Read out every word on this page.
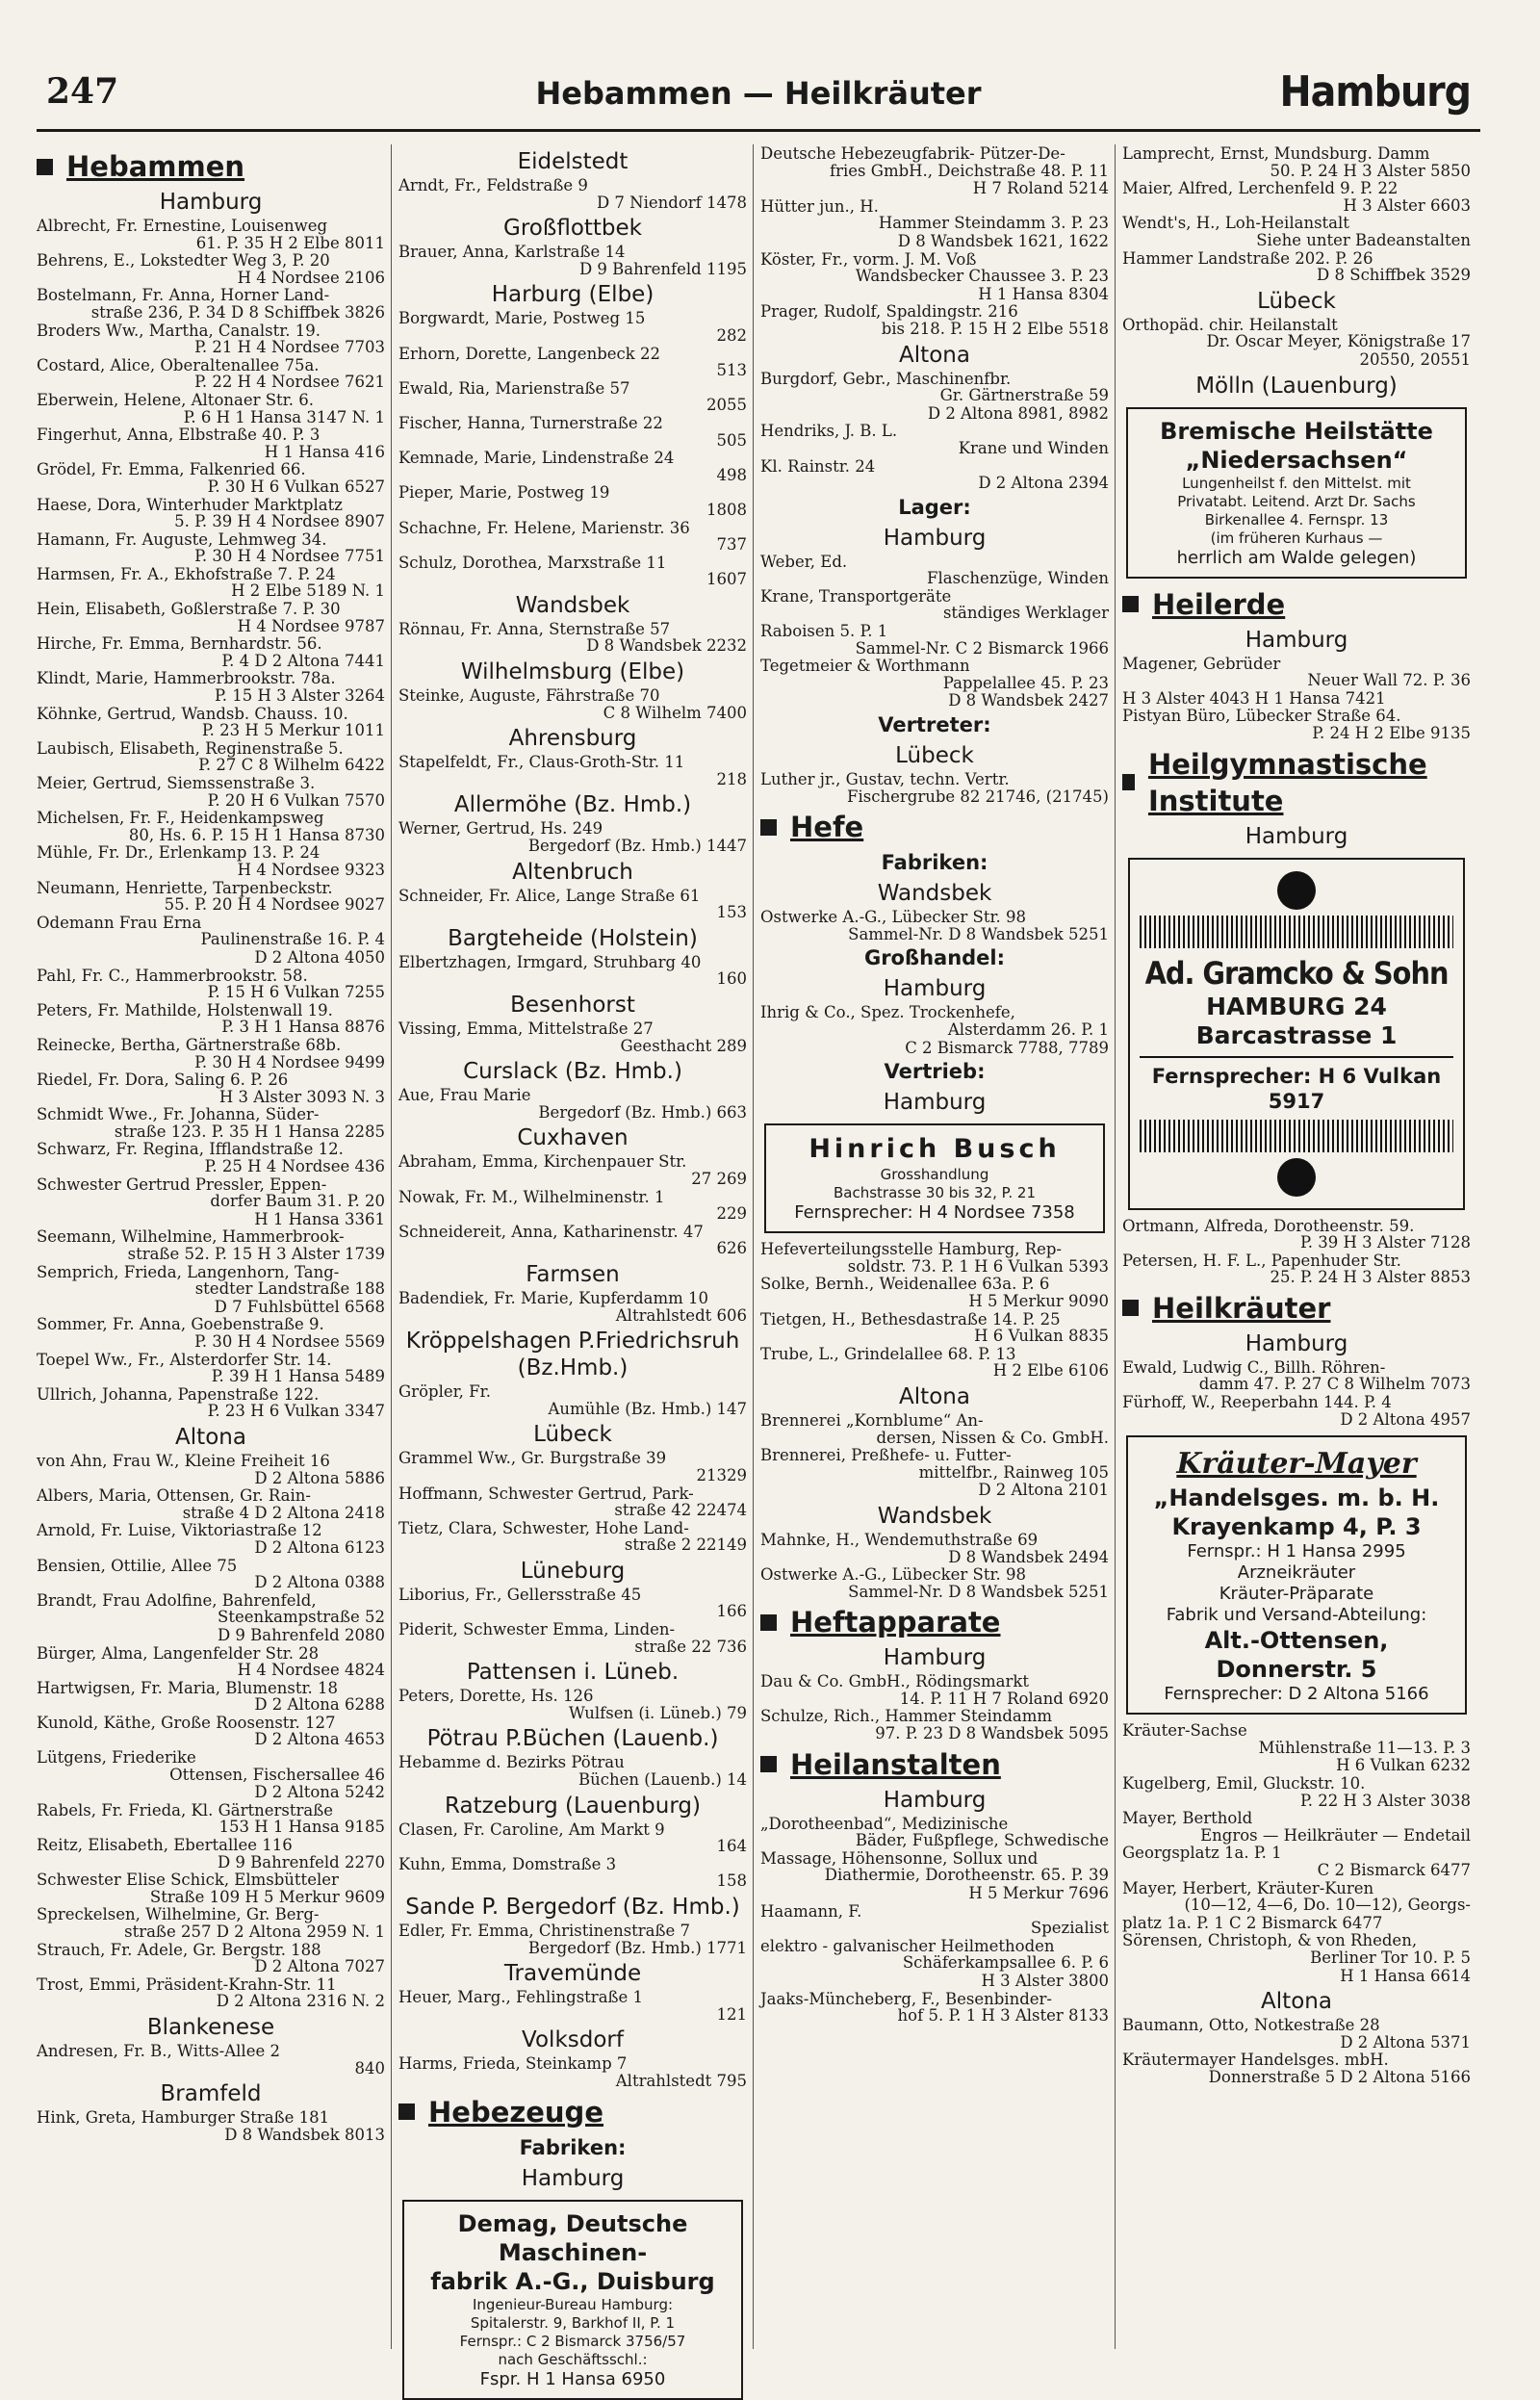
247	Hebammen — Heilkräuter	Hamburg
Hebammen
Hamburg
Albrecht, Fr. Ernestine, Louisenweg
61. P. 35 H 2 Elbe 8011
Behrens, E., Lokstedter Weg 3, P. 20
H 4 Nordsee 2106
Bostelmann, Fr. Anna, Horner Land-
straße 236, P. 34 D 8 Schiffbek 3826
Broders Ww., Martha, Canalstr. 19.
P. 21 H 4 Nordsee 7703
Costard, Alice, Oberaltenallee 75a.
P. 22 H 4 Nordsee 7621
Eberwein, Helene, Altonaer Str. 6.
P. 6 H 1 Hansa 3147 N. 1
Fingerhut, Anna, Elbstraße 40. P. 3
H 1 Hansa 416
Grödel, Fr. Emma, Falkenried 66.
P. 30 H 6 Vulkan 6527
Haese, Dora, Winterhuder Marktplatz
5. P. 39 H 4 Nordsee 8907
Hamann, Fr. Auguste, Lehmweg 34.
P. 30 H 4 Nordsee 7751
Harmsen, Fr. A., Ekhofstraße 7. P. 24
H 2 Elbe 5189 N. 1
Hein, Elisabeth, Goßlerstraße 7. P. 30
H 4 Nordsee 9787
Hirche, Fr. Emma, Bernhardstr. 56.
P. 4 D 2 Altona 7441
Klindt, Marie, Hammerbrookstr. 78a.
P. 15 H 3 Alster 3264
Köhnke, Gertrud, Wandsb. Chauss. 10.
P. 23 H 5 Merkur 1011
Laubisch, Elisabeth, Reginenstraße 5.
P. 27 C 8 Wilhelm 6422
Meier, Gertrud, Siemssenstraße 3.
P. 20 H 6 Vulkan 7570
Michelsen, Fr. F., Heidenkampsweg
80, Hs. 6. P. 15 H 1 Hansa 8730
Mühle, Fr. Dr., Erlenkamp 13. P. 24
H 4 Nordsee 9323
Neumann, Henriette, Tarpenbeckstr.
55. P. 20 H 4 Nordsee 9027
Odemann Frau Erna
Paulinenstraße 16. P. 4
D 2 Altona 4050
Pahl, Fr. C., Hammerbrookstr. 58.
P. 15 H 6 Vulkan 7255
Peters, Fr. Mathilde, Holstenwall 19.
P. 3 H 1 Hansa 8876
Reinecke, Bertha, Gärtnerstraße 68b.
P. 30 H 4 Nordsee 9499
Riedel, Fr. Dora, Saling 6. P. 26
H 3 Alster 3093 N. 3
Schmidt Wwe., Fr. Johanna, Süder-
straße 123. P. 35 H 1 Hansa 2285
Schwarz, Fr. Regina, Ifflandstraße 12.
P. 25 H 4 Nordsee 436
Schwester Gertrud Pressler, Eppen-
dorfer Baum 31. P. 20
H 1 Hansa 3361
Seemann, Wilhelmine, Hammerbrook-
straße 52. P. 15 H 3 Alster 1739
Semprich, Frieda, Langenhorn, Tang-
stedter Landstraße 188
D 7 Fuhlsbüttel 6568
Sommer, Fr. Anna, Goebenstraße 9.
P. 30 H 4 Nordsee 5569
Toepel Ww., Fr., Alsterdorfer Str. 14.
P. 39 H 1 Hansa 5489
Ullrich, Johanna, Papenstraße 122.
P. 23 H 6 Vulkan 3347
Altona
von Ahn, Frau W., Kleine Freiheit 16
D 2 Altona 5886
Albers, Maria, Ottensen, Gr. Rain-
straße 4 D 2 Altona 2418
Arnold, Fr. Luise, Viktoriastraße 12
D 2 Altona 6123
Bensien, Ottilie, Allee 75
D 2 Altona 0388
Brandt, Frau Adolfine, Bahrenfeld,
Steenkampstraße 52
D 9 Bahrenfeld 2080
Bürger, Alma, Langenfelder Str. 28
H 4 Nordsee 4824
Hartwigsen, Fr. Maria, Blumenstr. 18
D 2 Altona 6288
Kunold, Käthe, Große Roosenstr. 127
D 2 Altona 4653
Lütgens, Friederike
Ottensen, Fischersallee 46
D 2 Altona 5242
Rabels, Fr. Frieda, Kl. Gärtnerstraße
153 H 1 Hansa 9185
Reitz, Elisabeth, Ebertallee 116
D 9 Bahrenfeld 2270
Schwester Elise Schick, Elmsbütteler
Straße 109 H 5 Merkur 9609
Spreckelsen, Wilhelmine, Gr. Berg-
straße 257 D 2 Altona 2959 N. 1
Strauch, Fr. Adele, Gr. Bergstr. 188
D 2 Altona 7027
Trost, Emmi, Präsident-Krahn-Str. 11
D 2 Altona 2316 N. 2
Blankenese
Andresen, Fr. B., Witts-Allee 2
840
Bramfeld
Hink, Greta, Hamburger Straße 181
D 8 Wandsbek 8013
Eidelstedt
Arndt, Fr., Feldstraße 9
D 7 Niendorf 1478
Großflottbek
Brauer, Anna, Karlstraße 14
D 9 Bahrenfeld 1195
Harburg (Elbe)
Borgwardt, Marie, Postweg 15
282
Erhorn, Dorette, Langenbeck 22
513
Ewald, Ria, Marienstraße 57
2055
Fischer, Hanna, Turnerstraße 22
505
Kemnade, Marie, Lindenstraße 24
498
Pieper, Marie, Postweg 19
1808
Schachne, Fr. Helene, Marienstr. 36
737
Schulz, Dorothea, Marxstraße 11
1607
Wandsbek
Rönnau, Fr. Anna, Sternstraße 57
D 8 Wandsbek 2232
Wilhelmsburg (Elbe)
Steinke, Auguste, Fährstraße 70
C 8 Wilhelm 7400
Ahrensburg
Stapelfeldt, Fr., Claus-Groth-Str. 11
218
Allermöhe (Bz. Hmb.)
Werner, Gertrud, Hs. 249
Bergedorf (Bz. Hmb.) 1447
Altenbruch
Schneider, Fr. Alice, Lange Straße 61
153
Bargteheide (Holstein)
Elbertzhagen, Irmgard, Struhbarg 40
160
Besenhorst
Vissing, Emma, Mittelstraße 27
Geesthacht 289
Curslack (Bz. Hmb.)
Aue, Frau Marie
Bergedorf (Bz. Hmb.) 663
Cuxhaven
Abraham, Emma, Kirchenpauer Str.
27 269
Nowak, Fr. M., Wilhelminenstr. 1
229
Schneidereit, Anna, Katharinenstr. 47
626
Farmsen
Badendiek, Fr. Marie, Kupferdamm 10
Altrahlstedt 606
Kröppelshagen P.Friedrichsruh (Bz.Hmb.)
Gröpler, Fr.
Aumühle (Bz. Hmb.) 147
Lübeck
Grammel Ww., Gr. Burgstraße 39
21329
Hoffmann, Schwester Gertrud, Park-
straße 42 22474
Tietz, Clara, Schwester, Hohe Land-
straße 2 22149
Lüneburg
Liborius, Fr., Gellersstraße 45
166
Piderit, Schwester Emma, Linden-
straße 22 736
Pattensen i. Lüneb.
Peters, Dorette, Hs. 126
Wulfsen (i. Lüneb.) 79
Pötrau P.Büchen (Lauenb.)
Hebamme d. Bezirks Pötrau
Büchen (Lauenb.) 14
Ratzeburg (Lauenburg)
Clasen, Fr. Caroline, Am Markt 9
164
Kuhn, Emma, Domstraße 3
158
Sande P. Bergedorf (Bz. Hmb.)
Edler, Fr. Emma, Christinenstraße 7
Bergedorf (Bz. Hmb.) 1771
Travemünde
Heuer, Marg., Fehlingstraße 1
121
Volksdorf
Harms, Frieda, Steinkamp 7
Altrahlstedt 795
Hebezeuge
Fabriken:
Hamburg
Demag, Deutsche Maschinen-
fabrik A.-G., Duisburg
Ingenieur-Bureau Hamburg:
Spitalerstr. 9, Barkhof II, P. 1
Fernspr.: C 2 Bismarck 3756/57
nach Geschäftsschl.:
Fspr. H 1 Hansa 6950
Deutsche Hebezeugfabrik- Pützer-De-
fries GmbH., Deichstraße 48. P. 11
H 7 Roland 5214
Hütter jun., H.
Hammer Steindamm 3. P. 23
D 8 Wandsbek 1621, 1622
Köster, Fr., vorm. J. M. Voß
Wandsbecker Chaussee 3. P. 23
H 1 Hansa 8304
Prager, Rudolf, Spaldingstr. 216
bis 218. P. 15 H 2 Elbe 5518
Altona
Burgdorf, Gebr., Maschinenfbr.
Gr. Gärtnerstraße 59
D 2 Altona 8981, 8982
Hendriks, J. B. L.
Krane und Winden
Kl. Rainstr. 24
D 2 Altona 2394
Lager:
Hamburg
Weber, Ed.
Flaschenzüge, Winden
Krane, Transportgeräte
ständiges Werklager
Raboisen 5. P. 1
Sammel-Nr. C 2 Bismarck 1966
Tegetmeier & Worthmann
Pappelallee 45. P. 23
D 8 Wandsbek 2427
Vertreter:
Lübeck
Luther jr., Gustav, techn. Vertr.
Fischergrube 82 21746, (21745)
Hefe
Fabriken:
Wandsbek
Ostwerke A.-G., Lübecker Str. 98
Sammel-Nr. D 8 Wandsbek 5251
Großhandel:
Hamburg
Ihrig & Co., Spez. Trockenhefe,
Alsterdamm 26. P. 1
C 2 Bismarck 7788, 7789
Vertrieb:
Hamburg
Hinrich Busch
Grosshandlung
Bachstrasse 30 bis 32, P. 21
Fernsprecher: H 4 Nordsee 7358
Hefeverteilungsstelle Hamburg, Rep-
soldstr. 73. P. 1 H 6 Vulkan 5393
Solke, Bernh., Weidenallee 63a. P. 6
H 5 Merkur 9090
Tietgen, H., Bethesdastraße 14. P. 25
H 6 Vulkan 8835
Trube, L., Grindelallee 68. P. 13
H 2 Elbe 6106
Altona
Brennerei „Kornblume“ An-
dersen, Nissen & Co. GmbH.
Brennerei, Preßhefe- u. Futter-
mittelfbr., Rainweg 105
D 2 Altona 2101
Wandsbek
Mahnke, H., Wendemuthstraße 69
D 8 Wandsbek 2494
Ostwerke A.-G., Lübecker Str. 98
Sammel-Nr. D 8 Wandsbek 5251
Heftapparate
Hamburg
Dau & Co. GmbH., Rödingsmarkt
14. P. 11 H 7 Roland 6920
Schulze, Rich., Hammer Steindamm
97. P. 23 D 8 Wandsbek 5095
Heilanstalten
Hamburg
„Dorotheenbad“, Medizinische
Bäder, Fußpflege, Schwedische
Massage, Höhensonne, Sollux und
Diathermie, Dorotheenstr. 65. P. 39
H 5 Merkur 7696
Haamann, F.
Spezialist
elektro - galvanischer Heilmethoden
Schäferkampsallee 6. P. 6
H 3 Alster 3800
Jaaks-Müncheberg, F., Besenbinder-
hof 5. P. 1 H 3 Alster 8133
Lamprecht, Ernst, Mundsburg. Damm
50. P. 24 H 3 Alster 5850
Maier, Alfred, Lerchenfeld 9. P. 22
H 3 Alster 6603
Wendt's, H., Loh-Heilanstalt
Siehe unter Badeanstalten
Hammer Landstraße 202. P. 26
D 8 Schiffbek 3529
Lübeck
Orthopäd. chir. Heilanstalt
Dr. Oscar Meyer, Königstraße 17
20550, 20551
Mölln (Lauenburg)
Bremische Heilstätte
„Niedersachsen“
Lungenheilst f. den Mittelst. mit
Privatabt. Leitend. Arzt Dr. Sachs
Birkenallee 4. Fernspr. 13
(im früheren Kurhaus —
herrlich am Walde gelegen)
Heilerde
Hamburg
Magener, Gebrüder
Neuer Wall 72. P. 36
H 3 Alster 4043 H 1 Hansa 7421
Pistyan Büro, Lübecker Straße 64.
P. 24 H 2 Elbe 9135
Heilgymnastische Institute
Hamburg
Ad. Gramcko & Sohn
HAMBURG 24
Barcastrasse 1
Fernsprecher: H 6 Vulkan 5917
Ortmann, Alfreda, Dorotheenstr. 59.
P. 39 H 3 Alster 7128
Petersen, H. F. L., Papenhuder Str.
25. P. 24 H 3 Alster 8853
Heilkräuter
Hamburg
Ewald, Ludwig C., Billh. Röhren-
damm 47. P. 27 C 8 Wilhelm 7073
Fürhoff, W., Reeperbahn 144. P. 4
D 2 Altona 4957
Kräuter-Mayer
„Handelsges. m. b. H.
Krayenkamp 4, P. 3
Fernspr.: H 1 Hansa 2995
Arzneikräuter
Kräuter-Präparate
Fabrik und Versand-Abteilung:
Alt.-Ottensen, Donnerstr. 5
Fernsprecher: D 2 Altona 5166
Kräuter-Sachse
Mühlenstraße 11—13. P. 3
H 6 Vulkan 6232
Kugelberg, Emil, Gluckstr. 10.
P. 22 H 3 Alster 3038
Mayer, Berthold
Engros — Heilkräuter — Endetail
Georgsplatz 1a. P. 1
C 2 Bismarck 6477
Mayer, Herbert, Kräuter-Kuren
(10—12, 4—6, Do. 10—12), Georgs-
platz 1a. P. 1 C 2 Bismarck 6477
Sörensen, Christoph, & von Rheden,
Berliner Tor 10. P. 5
H 1 Hansa 6614
Altona
Baumann, Otto, Notkestraße 28
D 2 Altona 5371
Kräutermayer Handelsges. mbH.
Donnerstraße 5 D 2 Altona 5166
